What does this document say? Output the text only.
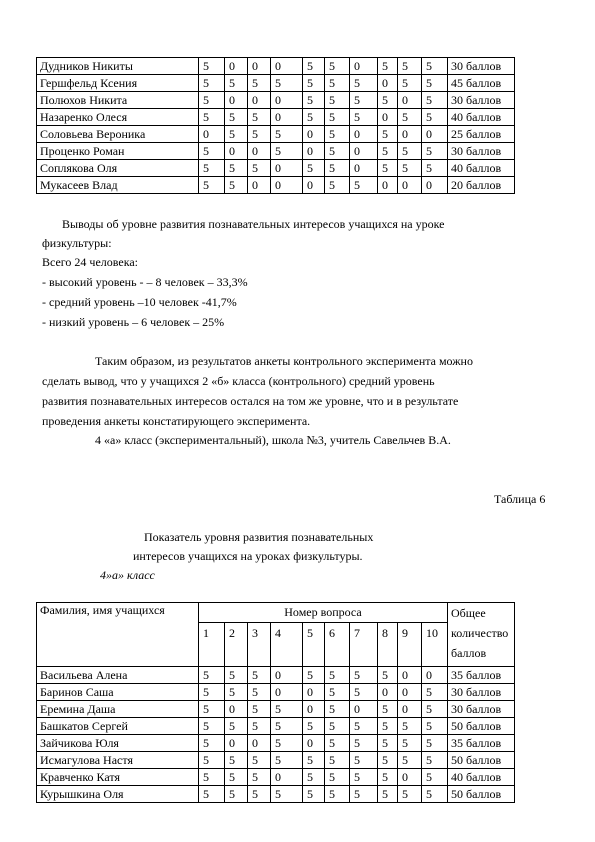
Дудников Никиты	5	0	0	0	5	5	0	5	5	5	30 баллов
Гершфельд Ксения	5	5	5	5	5	5	5	0	5	5	45 баллов
Полюхов Никита	5	0	0	0	5	5	5	5	0	5	30 баллов
Назаренко Олеся	5	5	5	0	5	5	5	0	5	5	40 баллов
Соловьева Вероника	0	5	5	5	0	5	0	5	0	0	25 баллов
Проценко Роман	5	0	0	5	0	5	0	5	5	5	30 баллов
Соплякова Оля	5	5	5	0	5	5	0	5	5	5	40 баллов
Мукасеев Влад	5	5	0	0	0	5	5	0	0	0	20 баллов
Выводы об уровне развития познавательных интересов учащихся на уроке
физкультуры:
Всего 24 человека:
- высокий уровень - – 8 человек – 33,3%
- средний уровень –10 человек -41,7%
- низкий уровень – 6 человек – 25%
Таким образом, из результатов анкеты контрольного эксперимента можно
сделать вывод, что у учащихся 2 «б» класса (контрольного) средний уровень
развития познавательных интересов остался на том же уровне, что и в результате
проведения анкеты констатирующего эксперимента.
4 «а» класс (экспериментальный), школа №3, учитель Савельчев В.А.
Таблица 6
Показатель уровня развития познавательных
интересов учащихся на уроках физкультуры.
4»а» класс
Фамилия, имя учащихся	Номер вопроса										Общее
количество
баллов

	1	2	3	4	5	6	7	8	9	10	
Васильева Алена	5	5	5	0	5	5	5	5	0	0	35 баллов
Баринов Саша	5	5	5	0	0	5	5	0	0	5	30 баллов
Еремина Даша	5	0	5	5	0	5	0	5	0	5	30 баллов
Башкатов Сергей	5	5	5	5	5	5	5	5	5	5	50 баллов
Зайчикова Юля	5	0	0	5	0	5	5	5	5	5	35 баллов
Исмагулова Настя	5	5	5	5	5	5	5	5	5	5	50 баллов
Кравченко Катя	5	5	5	0	5	5	5	5	0	5	40 баллов
Курышкина Оля	5	5	5	5	5	5	5	5	5	5	50 баллов
